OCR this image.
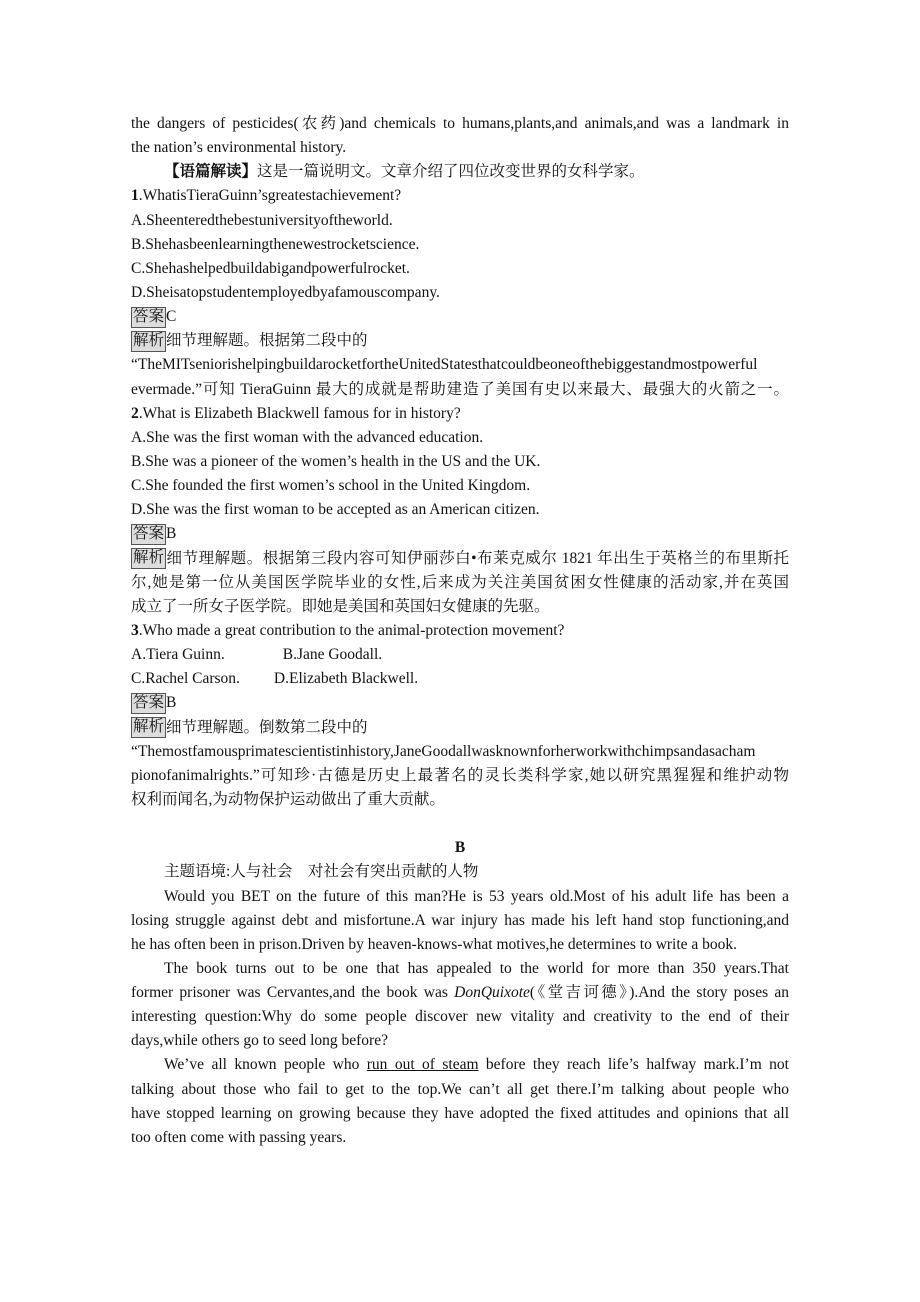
the dangers of pesticides(农药)and chemicals to humans,plants,and animals,and was a landmark in
the nation’s environmental history.
【语篇解读】这是一篇说明文。文章介绍了四位改变世界的女科学家。
1.WhatisTieraGuinn’sgreatestachievement?
A.Sheenteredthebestuniversityoftheworld.
B.Shehasbeenlearningthenewestrocketscience.
C.Shehashelpedbuildabigandpowerfulrocket.
D.Sheisatopstudentemployedbyafamouscompany.
答案 C
解析 细节理解题。根据第二段中的
“TheMITseniorishelpingbuildarocketfortheUnitedStatesthatcouldbeoneofthebiggestandmostpowerful
evermade.”可知 TieraGuinn 最大的成就是帮助建造了美国有史以来最大、最强大的火箭之一。
2.What is Elizabeth Blackwell famous for in history?
A.She was the first woman with the advanced education.
B.She was a pioneer of the women’s health in the US and the UK.
C.She founded the first women’s school in the United Kingdom.
D.She was the first woman to be accepted as an American citizen.
答案 B
解析 细节理解题。根据第三段内容可知伊丽莎白•布莱克威尔 1821 年出生于英格兰的布里斯托
尔,她是第一位从美国医学院毕业的女性,后来成为关注美国贫困女性健康的活动家,并在英国
成立了一所女子医学院。即她是美国和英国妇女健康的先驱。
3.Who made a great contribution to the animal-protection movement?
A.Tiera Guinn.	B.Jane Goodall.
C.Rachel Carson. D.Elizabeth Blackwell.
答案 B
解析 细节理解题。倒数第二段中的
“Themostfamousprimatescientistinhistory,JaneGoodallwasknownforherworkwithchimpsandasacham
pionofanimalrights.”可知珍·古德是历史上最著名的灵长类科学家,她以研究黑猩猩和维护动物
权利而闻名,为动物保护运动做出了重大贡献。
B
主题语境:人与社会　对社会有突出贡献的人物
Would you BET on the future of this man?He is 53 years old.Most of his adult life has been a
losing struggle against debt and misfortune.A war injury has made his left hand stop functioning,and
he has often been in prison.Driven by heaven-knows-what motives,he determines to write a book.
The book turns out to be one that has appealed to the world for more than 350 years.That
former prisoner was Cervantes,and the book was DonQuixote(《堂吉诃德》).And the story poses an
interesting question:Why do some people discover new vitality and creativity to the end of their
days,while others go to seed long before?
We’ve all known people who run out of steam before they reach life’s halfway mark.I’m not
talking about those who fail to get to the top.We can’t all get there.I’m talking about people who
have stopped learning on growing because they have adopted the fixed attitudes and opinions that all
too often come with passing years.
